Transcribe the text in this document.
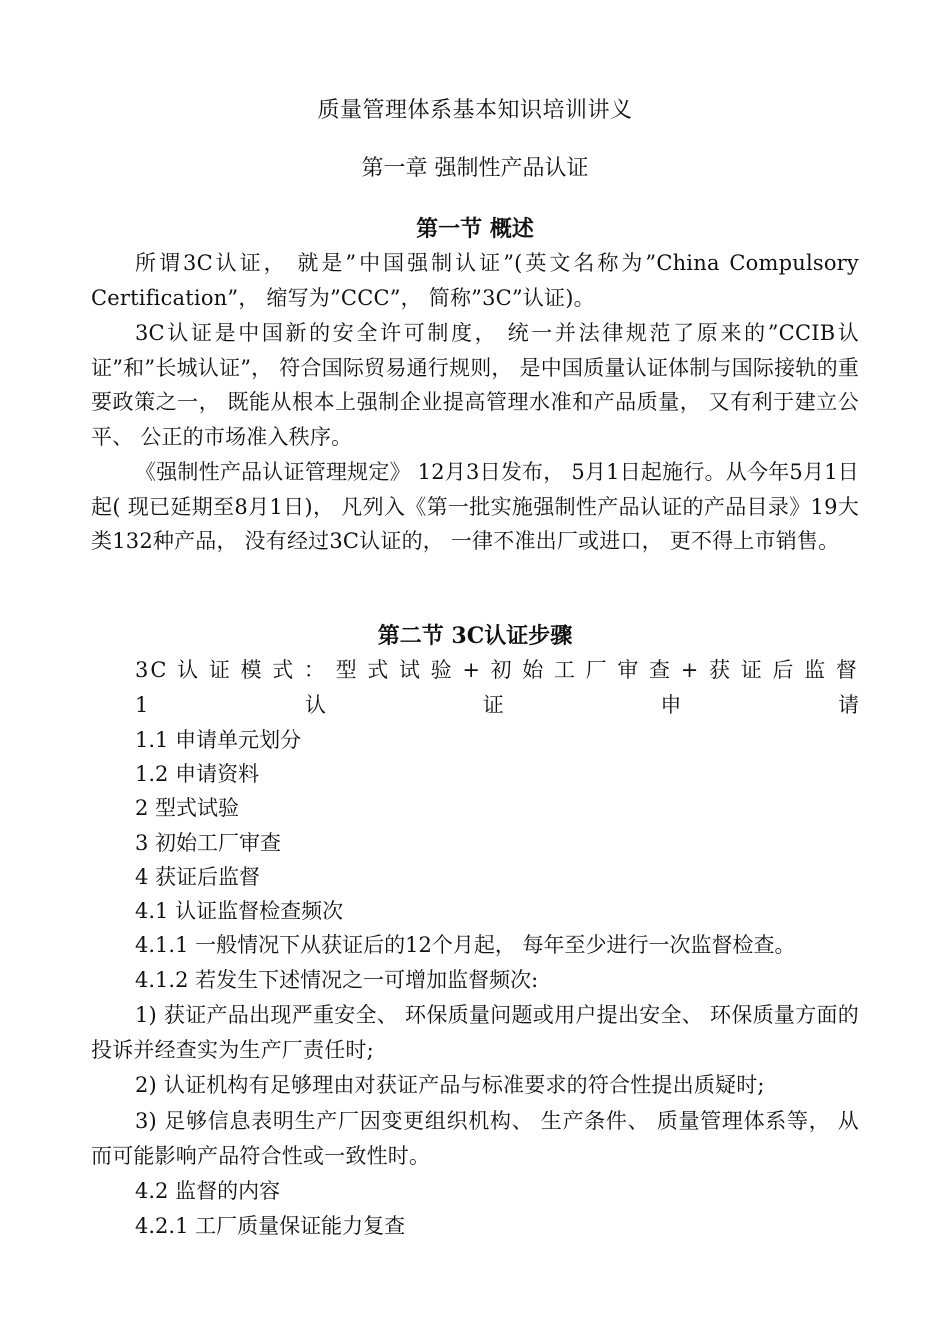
质量管理体系基本知识培训讲义
第一章 强制性产品认证
第一节 概述
所谓3C认证， 就是”中国强制认证”(英文名称为”China Compulsory Certification”， 缩写为”CCC”， 简称”3C”认证)。
3C认证是中国新的安全许可制度， 统一并法律规范了原来的”CCIB认证”和”长城认证”， 符合国际贸易通行规则， 是中国质量认证体制与国际接轨的重要政策之一， 既能从根本上强制企业提高管理水准和产品质量， 又有利于建立公平、 公正的市场准入秩序。
《强制性产品认证管理规定》 12月3日发布， 5月1日起施行。从今年5月1日起( 现已延期至8月1日)， 凡列入《第一批实施强制性产品认证的产品目录》19大类132种产品， 没有经过3C认证的， 一律不准出厂或进口， 更不得上市销售。
第二节 3C认证步骤
3C 认 证 模 式 ： 型 式 试 验 + 初 始 工 厂 审 查 + 获 证 后 监 督
1	认	证	申	请
1.1 申请单元划分
1.2 申请资料
2 型式试验
3 初始工厂审查
4 获证后监督
4.1 认证监督检查频次
4.1.1 一般情况下从获证后的12个月起， 每年至少进行一次监督检查。
4.1.2 若发生下述情况之一可增加监督频次:
1) 获证产品出现严重安全、 环保质量问题或用户提出安全、 环保质量方面的投诉并经查实为生产厂责任时;
2) 认证机构有足够理由对获证产品与标准要求的符合性提出质疑时;
3) 足够信息表明生产厂因变更组织机构、 生产条件、 质量管理体系等， 从而可能影响产品符合性或一致性时。
4.2 监督的内容
4.2.1 工厂质量保证能力复查
